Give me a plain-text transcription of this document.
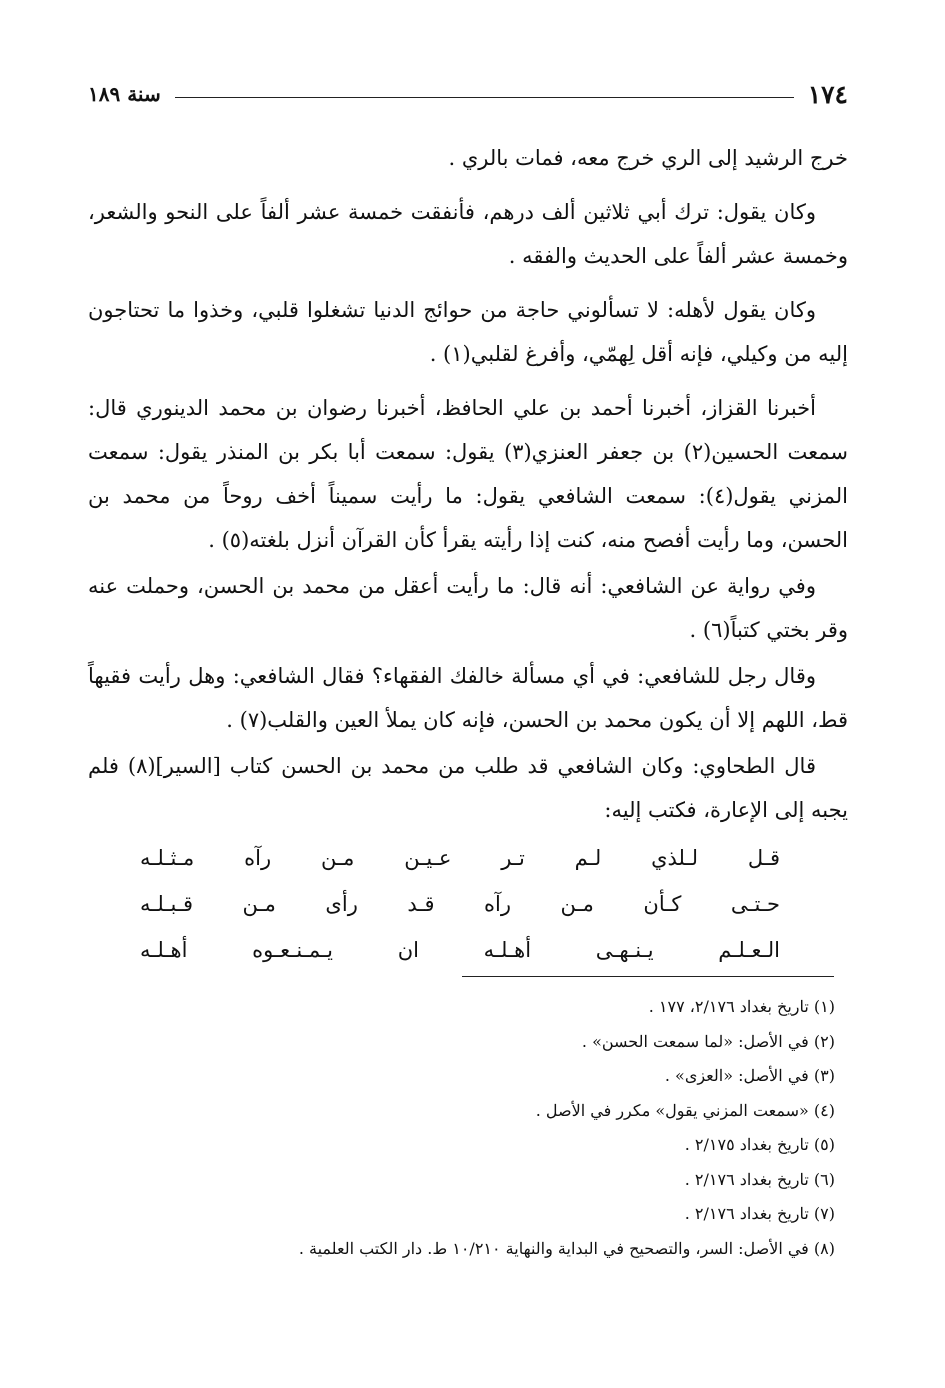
١٧٤
سنة ١٨٩

خرج الرشيد إلى الري خرج معه، فمات بالري .

وكان يقول: ترك أبي ثلاثين ألف درهم، فأنفقت خمسة عشر ألفاً على النحو والشعر، وخمسة عشر ألفاً على الحديث والفقه .

وكان يقول لأهله: لا تسألوني حاجة من حوائج الدنيا تشغلوا قلبي، وخذوا ما تحتاجون إليه من وكيلي، فإنه أقل لِهمّي، وأفرغ لقلبي(١) .

أخبرنا القزاز، أخبرنا أحمد بن علي الحافظ، أخبرنا رضوان بن محمد الدينوري قال: سمعت الحسين(٢) بن جعفر العنزي(٣) يقول: سمعت أبا بكر بن المنذر يقول: سمعت المزني يقول(٤): سمعت الشافعي يقول: ما رأيت سميناً أخف روحاً من محمد بن الحسن، وما رأيت أفصح منه، كنت إذا رأيته يقرأ كأن القرآن أنزل بلغته(٥) .

وفي رواية عن الشافعي: أنه قال: ما رأيت أعقل من محمد بن الحسن، وحملت عنه وقر بختي كتباً(٦) .

وقال رجل للشافعي: في أي مسألة خالفك الفقهاء؟ فقال الشافعي: وهل رأيت فقيهاً قط، اللهم إلا أن يكون محمد بن الحسن، فإنه كان يملأ العين والقلب(٧) .

قال الطحاوي: وكان الشافعي قد طلب من محمد بن الحسن كتاب [السير](٨) فلم يجبه إلى الإعارة، فكتب إليه:

قـل لـلذي لـم تـر عـيـن مـن رآه مـثـلـه
حـتـى كـأن مـن رآه قـد رأى مـن قـبـلـه
الـعـلـم يـنـهـى أهـلـه ان يـمـنـعـوه أهـلـه
(١) تاريخ بغداد ٢/١٧٦، ١٧٧ .
(٢) في الأصل: «لما سمعت الحسن» .
(٣) في الأصل: «العزى» .
(٤) «سمعت المزني يقول» مكرر في الأصل .
(٥) تاريخ بغداد ٢/١٧٥ .
(٦) تاريخ بغداد ٢/١٧٦ .
(٧) تاريخ بغداد ٢/١٧٦ .
(٨) في الأصل: السر، والتصحيح في البداية والنهاية ١٠/٢١٠ ط. دار الكتب العلمية .
